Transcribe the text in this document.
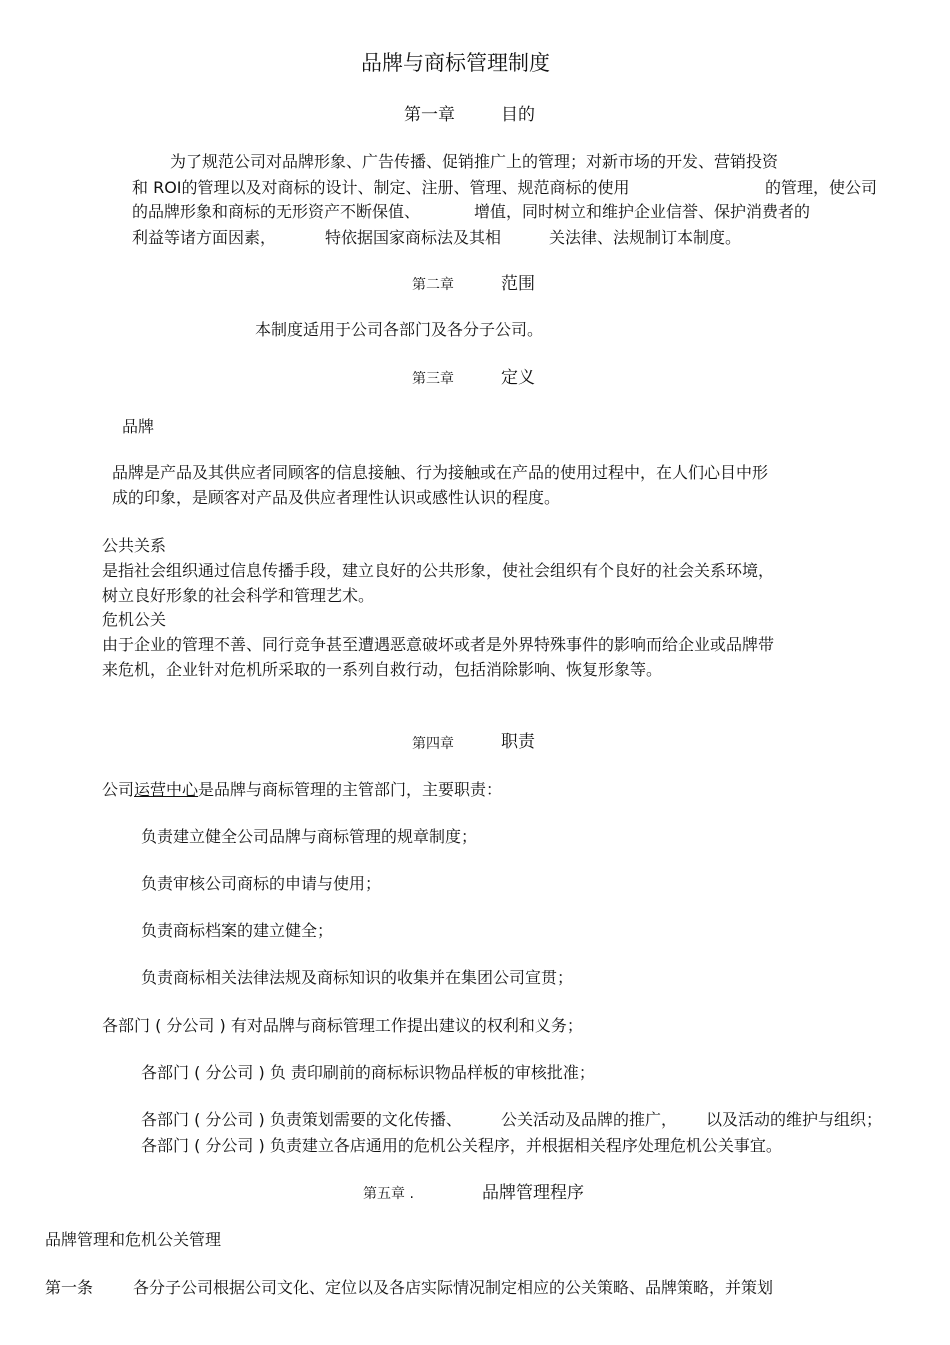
品牌与商标管理制度
第一章	目的
为了规范公司对品牌形象、广告传播、促销推广上的管理；对新市场的开发、营销投资
和 ROI的管理以及对商标的设计、制定、注册、管理、规范商标的使用	的管理，使公司
的品牌形象和商标的无形资产不断保值、	增值，同时树立和维护企业信誉、保护消费者的
利益等诸方面因素，	特依据国家商标法及其相	关法律、法规制订本制度。
第二章	范围
本制度适用于公司各部门及各分子公司。
第三章	定义
品牌
品牌是产品及其供应者同顾客的信息接触、行为接触或在产品的使用过程中，在人们心目中形
成的印象，是顾客对产品及供应者理性认识或感性认识的程度。
公共关系
是指社会组织通过信息传播手段，建立良好的公共形象，使社会组织有个良好的社会关系环境，
树立良好形象的社会科学和管理艺术。
危机公关
由于企业的管理不善、同行竞争甚至遭遇恶意破坏或者是外界特殊事件的影响而给企业或品牌带
来危机，企业针对危机所采取的一系列自救行动，包括消除影响、恢复形象等。
第四章	职责
公司运营中心是品牌与商标管理的主管部门，主要职责：
负责建立健全公司品牌与商标管理的规章制度；
负责审核公司商标的申请与使用；
负责商标档案的建立健全；
负责商标相关法律法规及商标知识的收集并在集团公司宣贯；
各部门 ( 分公司 ) 有对品牌与商标管理工作提出建议的权利和义务；
各部门 ( 分公司 ) 负 责印刷前的商标标识物品样板的审核批准；
各部门 ( 分公司 ) 负责策划需要的文化传播、 公关活动及品牌的推广， 以及活动的维护与组织；
各部门 ( 分公司 ) 负责建立各店通用的危机公关程序，并根据相关程序处理危机公关事宜。
第五章 .	品牌管理程序
品牌管理和危机公关管理
第一条 各分子公司根据公司文化、定位以及各店实际情况制定相应的公关策略、品牌策略，并策划
